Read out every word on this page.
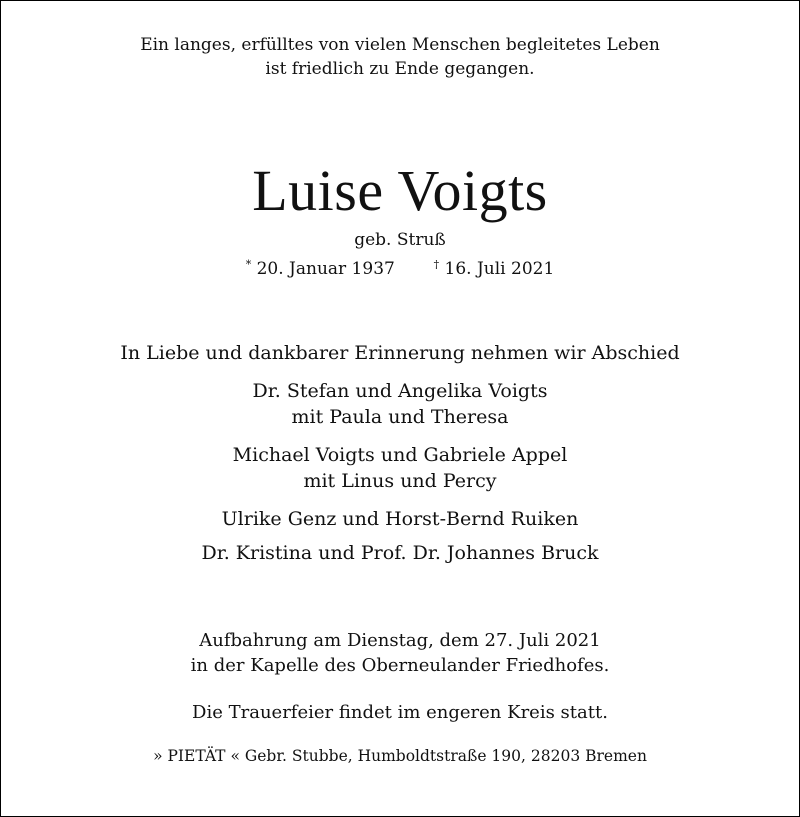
Ein langes, erfülltes von vielen Menschen begleitetes Leben
ist friedlich zu Ende gegangen.
Luise Voigts
geb. Struß
* 20. Januar 1937	† 16. Juli 2021
In Liebe und dankbarer Erinnerung nehmen wir Abschied
Dr. Stefan und Angelika Voigts
mit Paula und Theresa
Michael Voigts und Gabriele Appel
mit Linus und Percy
Ulrike Genz und Horst-Bernd Ruiken
Dr. Kristina und Prof. Dr. Johannes Bruck
Aufbahrung am Dienstag, dem 27. Juli 2021
in der Kapelle des Oberneulander Friedhofes.
Die Trauerfeier findet im engeren Kreis statt.
» PIETÄT « Gebr. Stubbe, Humboldtstraße 190, 28203 Bremen
